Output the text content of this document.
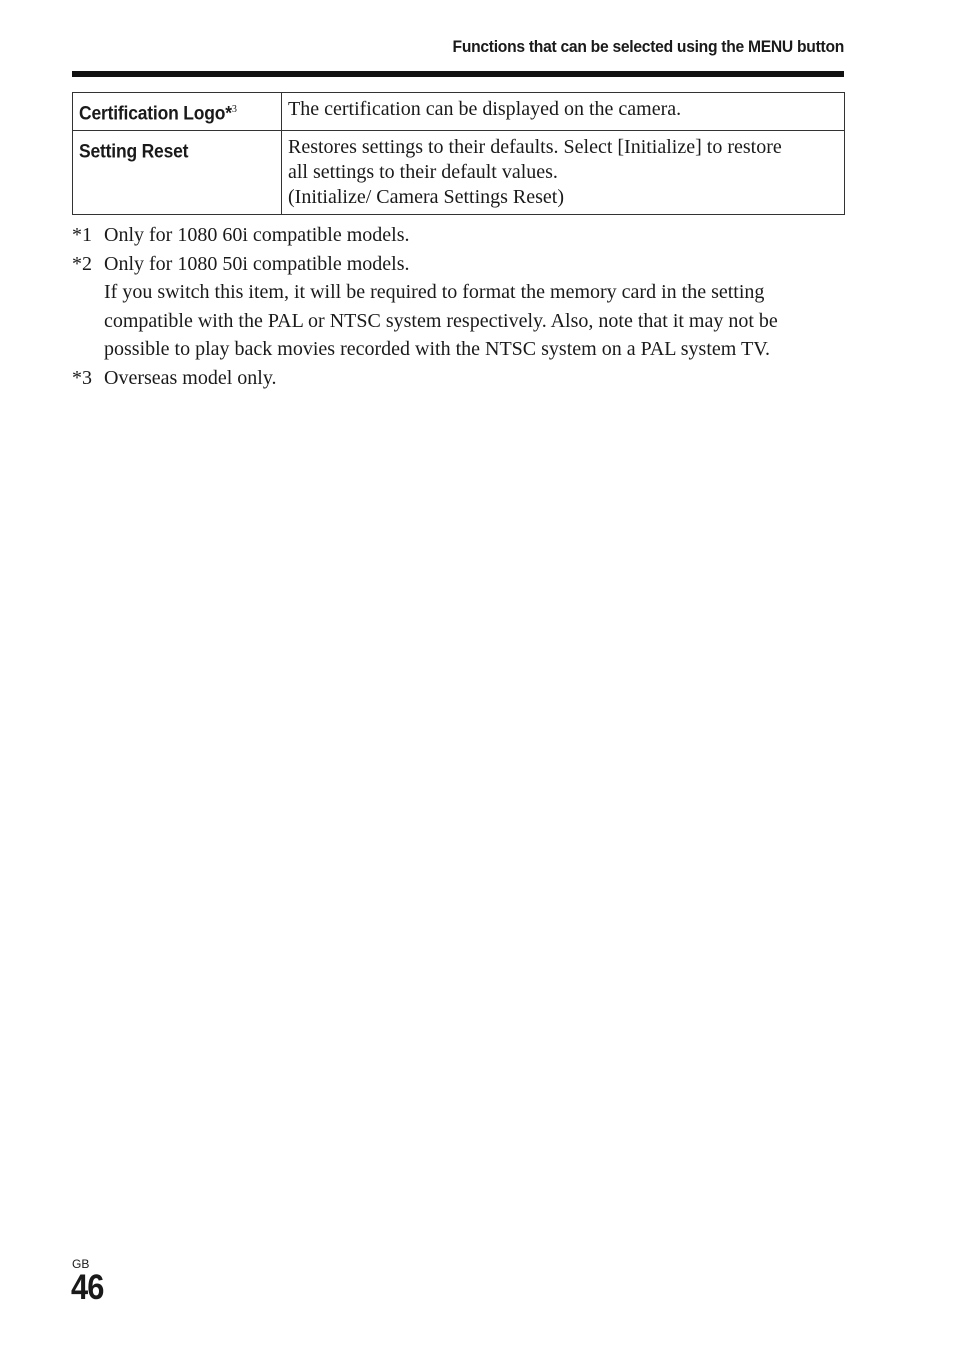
Functions that can be selected using the MENU button
Certification Logo*$^3$	The certification can be displayed on the camera.

Setting Reset	Restores settings to their defaults. Select [Initialize] to restore
all settings to their default values.
(Initialize/ Camera Settings Reset)
*1 Only for 1080 60i compatible models.
*2 Only for 1080 50i compatible models.
If you switch this item, it will be required to format the memory card in the setting compatible with the PAL or NTSC system respectively. Also, note that it may not be possible to play back movies recorded with the NTSC system on a PAL system TV.
*3 Overseas model only.
GB
46
